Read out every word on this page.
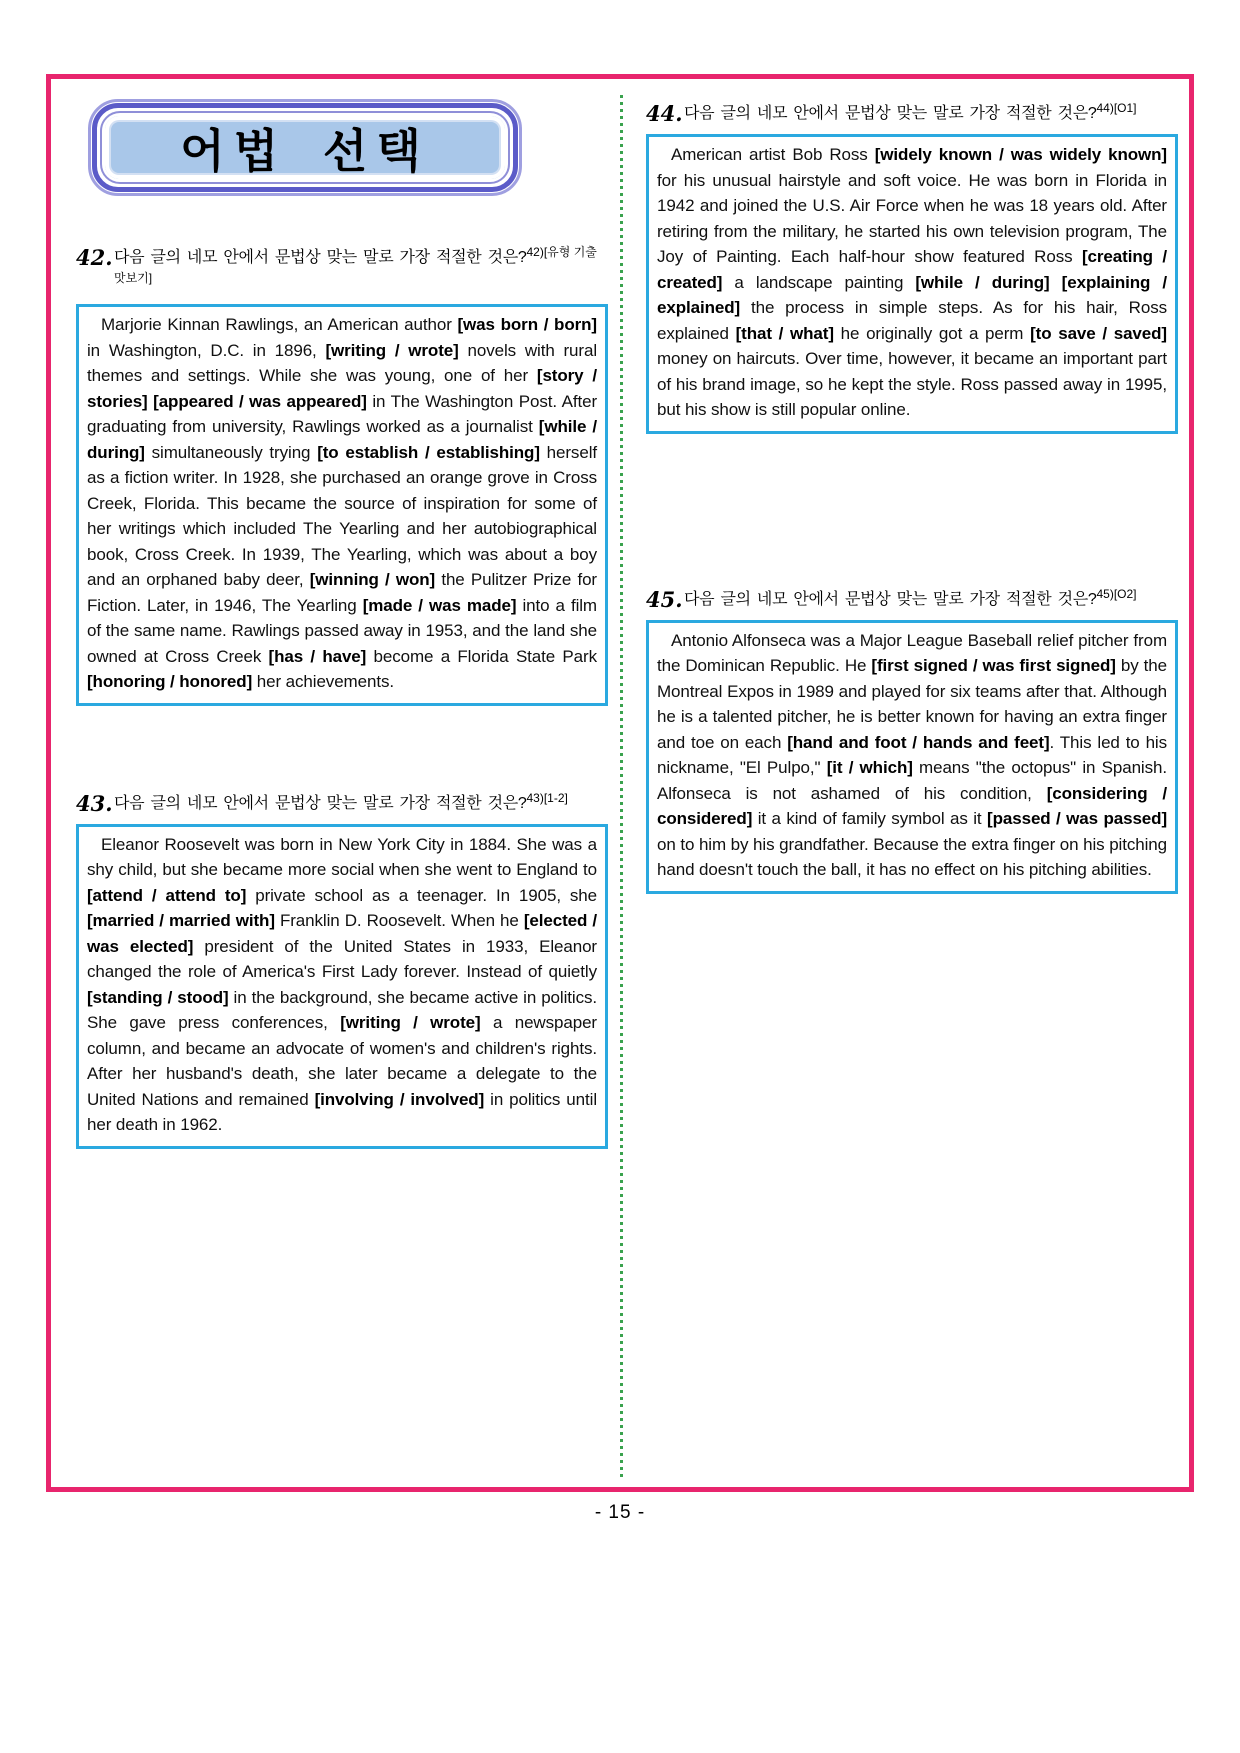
어법 선택
42. 다음 글의 네모 안에서 문법상 맞는 말로 가장 적절한 것은?$^{42)[유형 기출 맛보기]}$

Marjorie Kinnan Rawlings, an American author [was born / born] in Washington, D.C. in 1896, [writing / wrote] novels with rural themes and settings. While she was young, one of her [story / stories] [appeared / was appeared] in The Washington Post. After graduating from university, Rawlings worked as a journalist [while / during] simultaneously trying [to establish / establishing] herself as a fiction writer. In 1928, she purchased an orange grove in Cross Creek, Florida. This became the source of inspiration for some of her writings which included The Yearling and her autobiographical book, Cross Creek. In 1939, The Yearling, which was about a boy and an orphaned baby deer, [winning / won] the Pulitzer Prize for Fiction. Later, in 1946, The Yearling [made / was made] into a film of the same name. Rawlings passed away in 1953, and the land she owned at Cross Creek [has / have] become a Florida State Park [honoring / honored] her achievements.

43. 다음 글의 네모 안에서 문법상 맞는 말로 가장 적절한 것은?$^{43)[1-2]}$

Eleanor Roosevelt was born in New York City in 1884. She was a shy child, but she became more social when she went to England to [attend / attend to] private school as a teenager. In 1905, she [married / married with] Franklin D. Roosevelt. When he [elected / was elected] president of the United States in 1933, Eleanor changed the role of America's First Lady forever. Instead of quietly [standing / stood] in the background, she became active in politics. She gave press conferences, [writing / wrote] a newspaper column, and became an advocate of women's and children's rights. After her husband's death, she later became a delegate to the United Nations and remained [involving / involved] in politics until her death in 1962.

44. 다음 글의 네모 안에서 문법상 맞는 말로 가장 적절한 것은?$^{44)[O1]}$

American artist Bob Ross [widely known / was widely known] for his unusual hairstyle and soft voice. He was born in Florida in 1942 and joined the U.S. Air Force when he was 18 years old. After retiring from the military, he started his own television program, The Joy of Painting. Each half-hour show featured Ross [creating / created] a landscape painting [while / during] [explaining / explained] the process in simple steps. As for his hair, Ross explained [that / what] he originally got a perm [to save / saved] money on haircuts. Over time, however, it became an important part of his brand image, so he kept the style. Ross passed away in 1995, but his show is still popular online.

45. 다음 글의 네모 안에서 문법상 맞는 말로 가장 적절한 것은?$^{45)[O2]}$

Antonio Alfonseca was a Major League Baseball relief pitcher from the Dominican Republic. He [first signed / was first signed] by the Montreal Expos in 1989 and played for six teams after that. Although he is a talented pitcher, he is better known for having an extra finger and toe on each [hand and foot / hands and feet]. This led to his nickname, "El Pulpo," [it / which] means "the octopus" in Spanish. Alfonseca is not ashamed of his condition, [considering / considered] it a kind of family symbol as it [passed / was passed] on to him by his grandfather. Because the extra finger on his pitching hand doesn't touch the ball, it has no effect on his pitching abilities.

- 15 -
